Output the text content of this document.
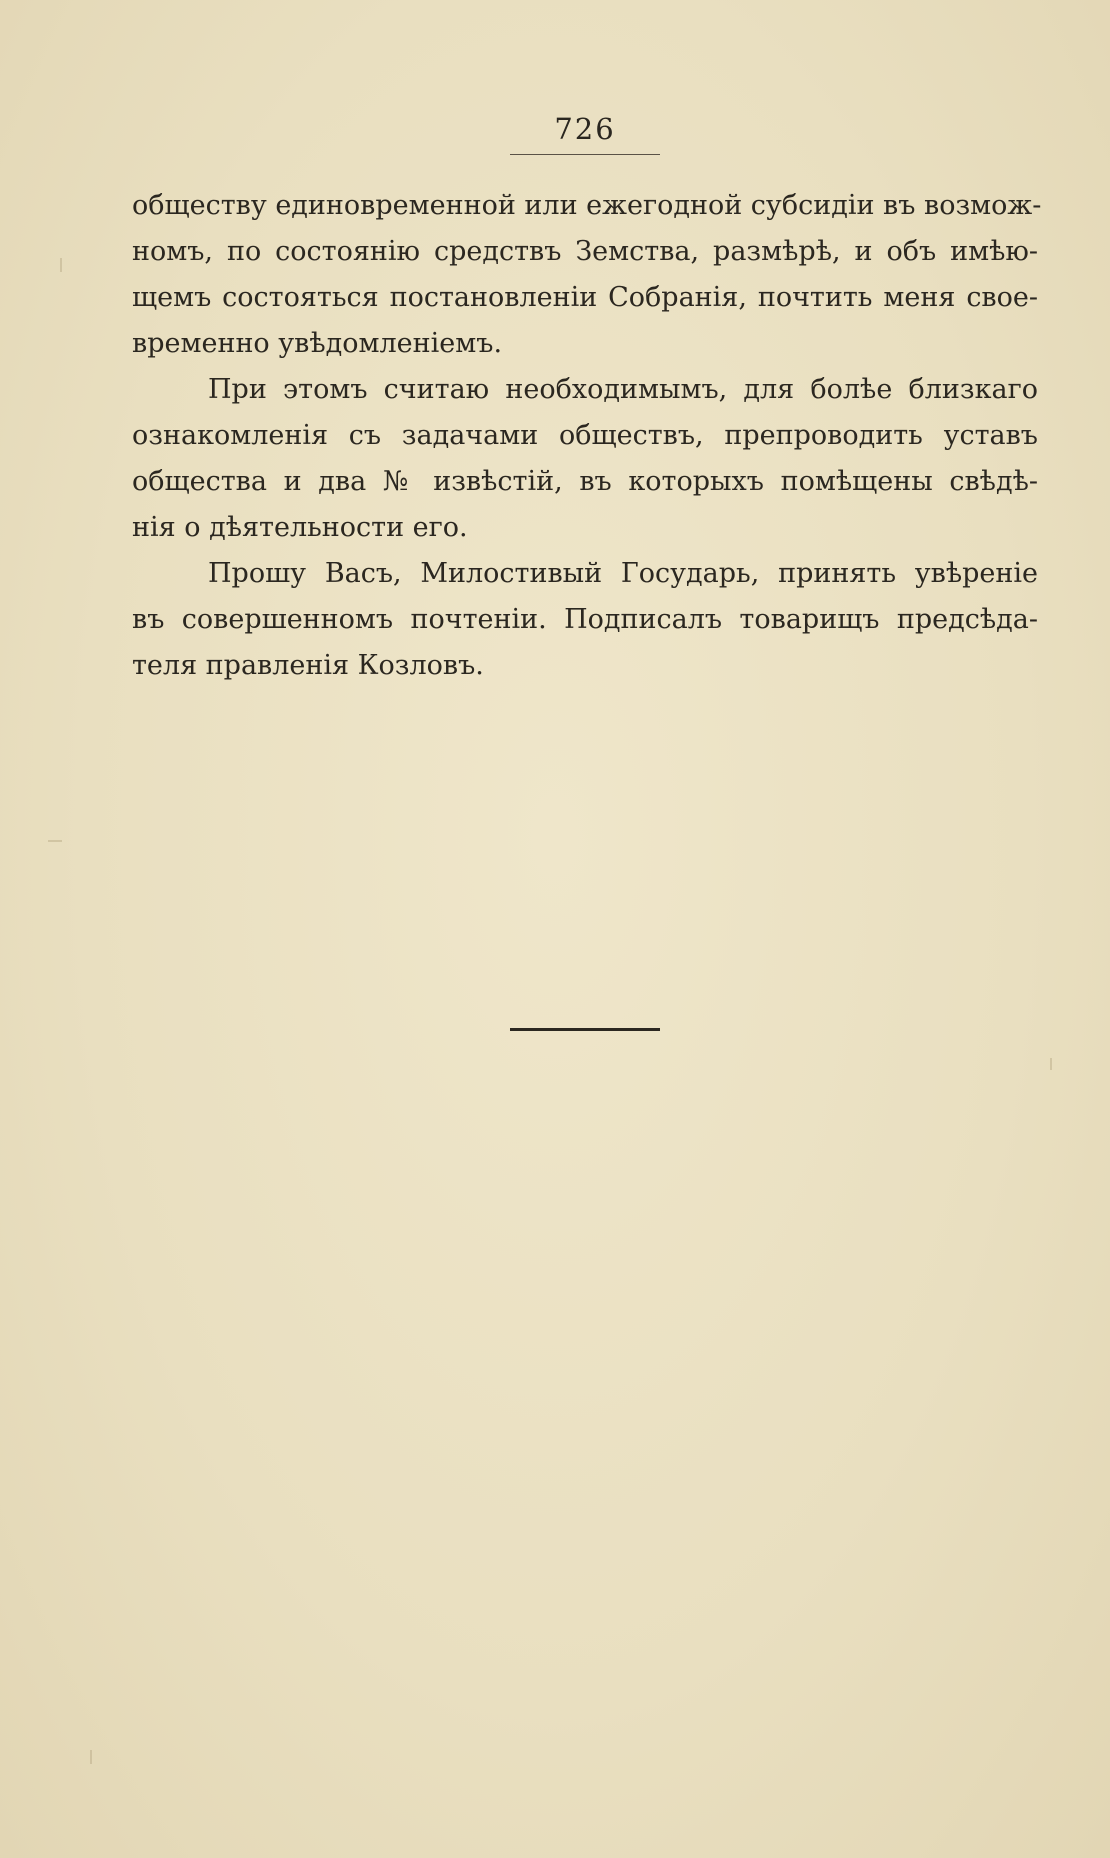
726
обществу единовременной или ежегодной субсидіи въ возмож-
номъ, по состоянію средствъ Земства, размѣрѣ, и объ имѣю-
щемъ состояться постановленіи Собранія, почтить меня свое-
временно увѣдомленіемъ.
При этомъ считаю необходимымъ, для болѣе близкаго
ознакомленія съ задачами обществъ, препроводить уставъ
общества и два № извѣстій, въ которыхъ помѣщены свѣдѣ-
нія о дѣятельности его.
Прошу Васъ, Милостивый Государь, принять увѣреніе
въ совершенномъ почтеніи. Подписалъ товарищъ предсѣда-
теля правленія Козловъ.
